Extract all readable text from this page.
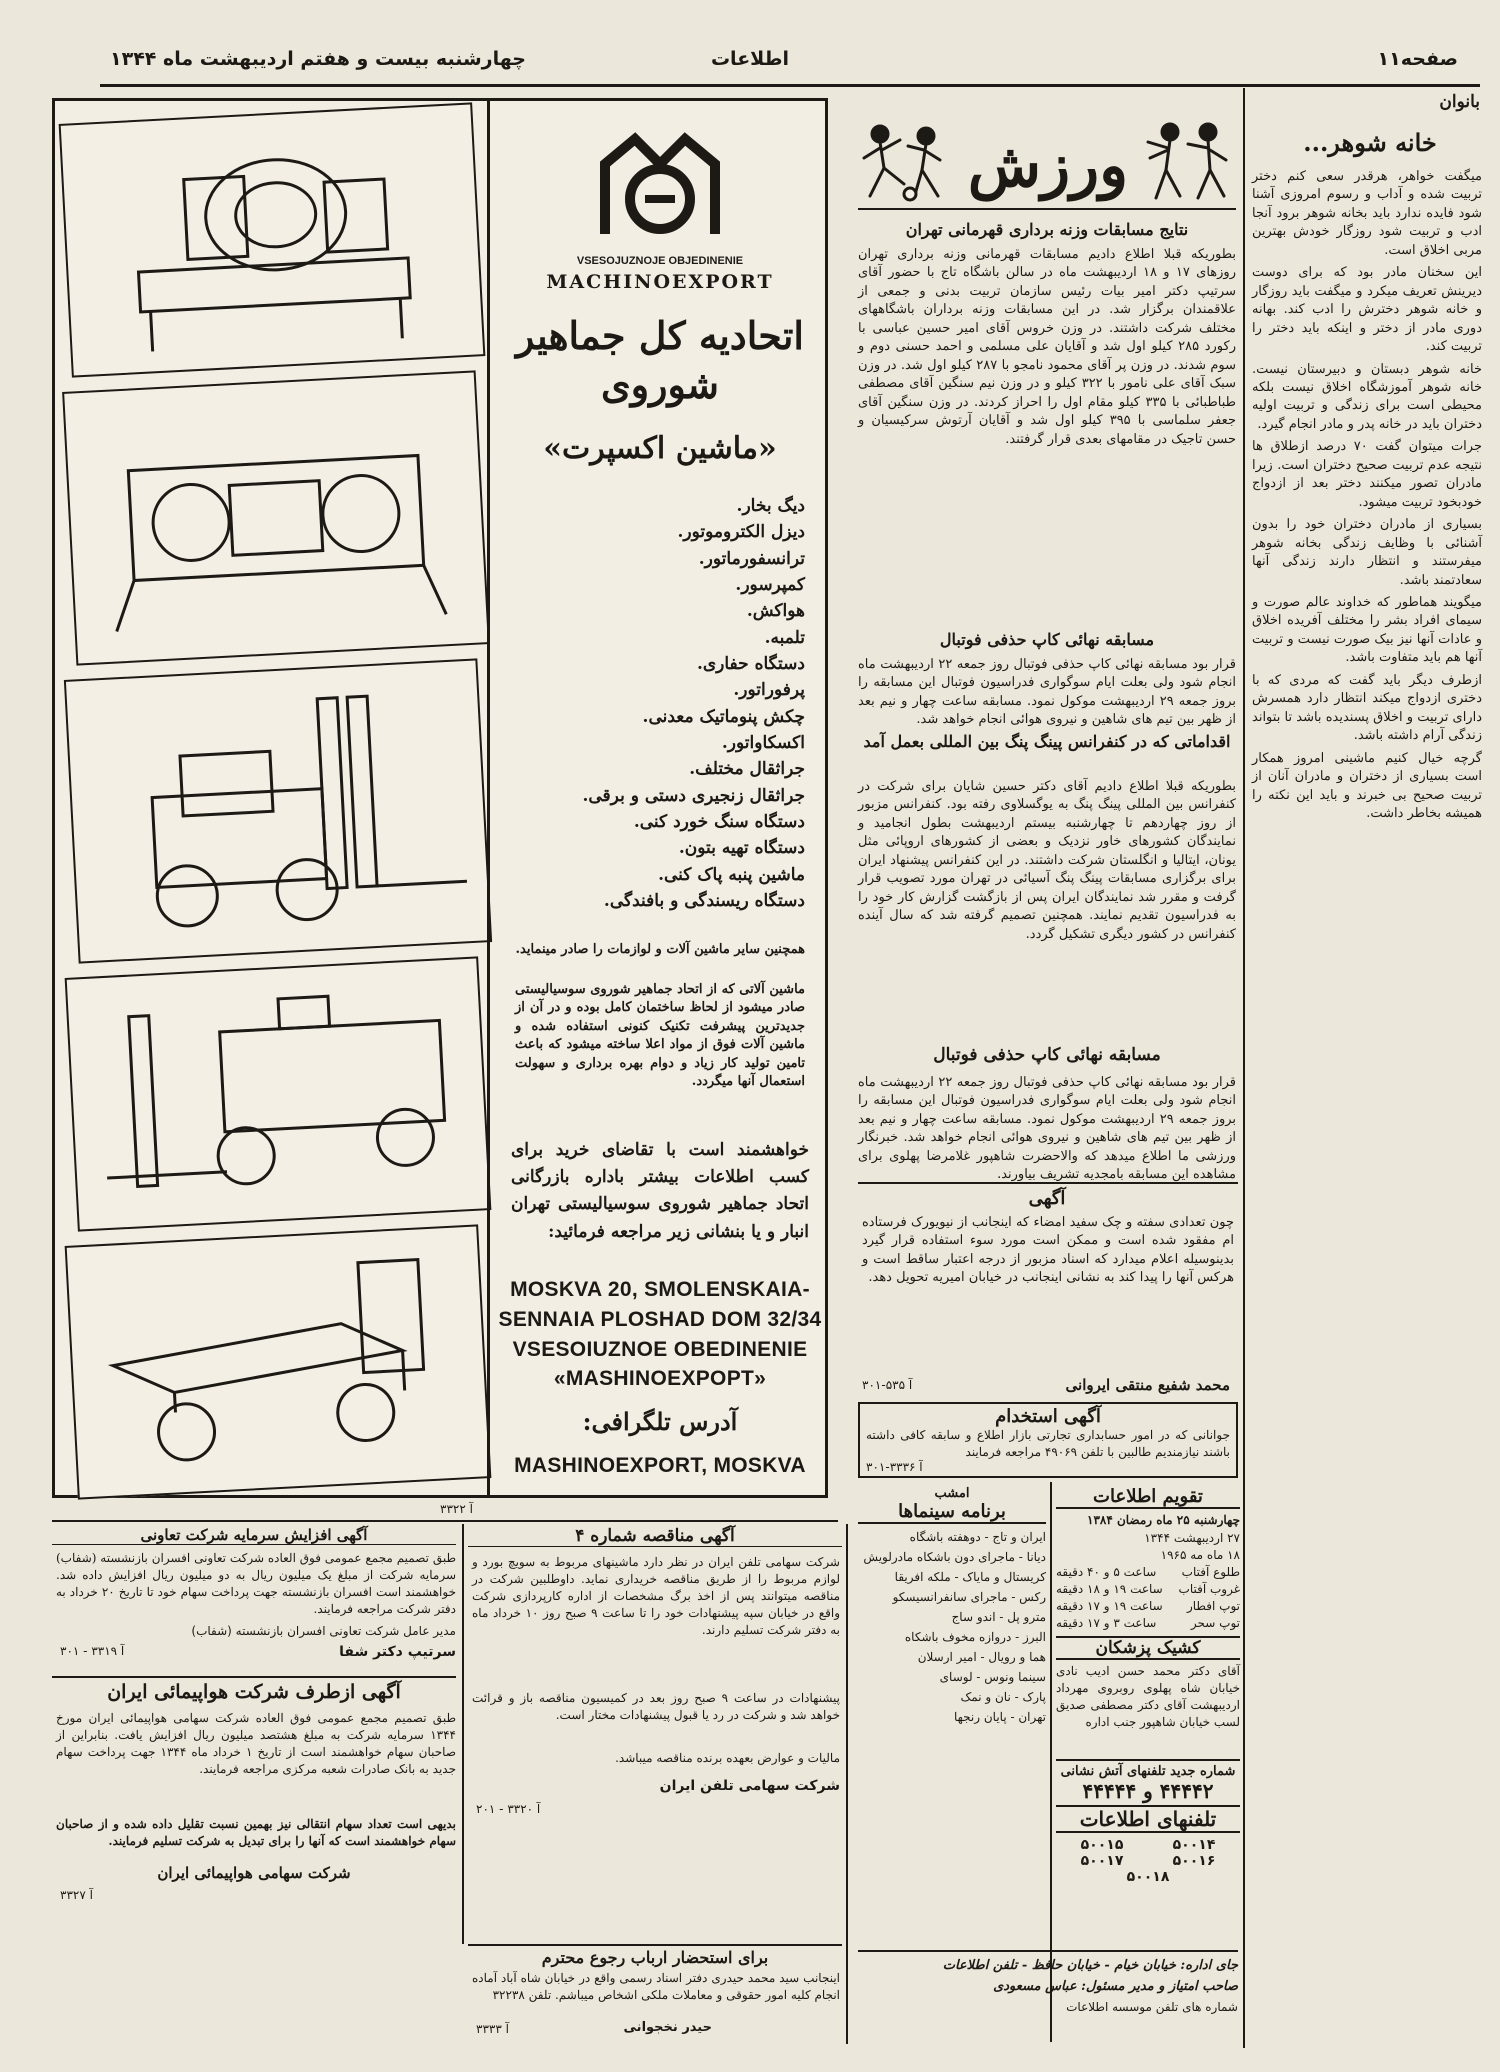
صفحه۱۱
اطلاعات
چهارشنبه بیست و هفتم اردیبهشت ماه ۱۳۴۴
بانوان
خانه شوهر...

میگفت خواهر، هرقدر سعی کنم دختر تربیت شده و آداب و رسوم امروزی آشنا شود فایده ندارد باید بخانه شوهر برود آنجا ادب و تربیت شود روزگار خودش بهترین مربی اخلاق است.

این سخنان مادر بود که برای دوست دیرینش تعریف میکرد و میگفت باید روزگار و خانه شوهر دخترش را ادب کند. بهانه دوری مادر از دختر و اینکه باید دختر را تربیت کند.

خانه شوهر دبستان و دبیرستان نیست. خانه شوهر آموزشگاه اخلاق نیست بلکه محیطی است برای زندگی و تربیت اولیه دختران باید در خانه پدر و مادر انجام گیرد.

جرات میتوان گفت ۷۰ درصد ازطلاق ها نتیجه عدم تربیت صحیح دختران است. زیرا مادران تصور میکنند دختر بعد از ازدواج خودبخود تربیت میشود.

بسیاری از مادران دختران خود را بدون آشنائی با وظایف زندگی بخانه شوهر میفرستند و انتظار دارند زندگی آنها سعادتمند باشد.

میگویند هماطور که خداوند عالم صورت و سیمای افراد بشر را مختلف آفریده اخلاق و عادات آنها نیز بیک صورت نیست و تربیت آنها هم باید متفاوت باشد.

ازطرف دیگر باید گفت که مردی که با دختری ازدواج میکند انتظار دارد همسرش دارای تربیت و اخلاق پسندیده باشد تا بتواند زندگی آرام داشته باشد.

گرچه خیال کنیم ماشینی امروز همکار است بسیاری از دختران و مادران آنان از تربیت صحیح بی خبرند و باید این نکته را همیشه بخاطر داشت.

ورزش
نتایج مسابقات وزنه برداری قهرمانی تهران
بطوریکه قبلا اطلاع دادیم مسابقات قهرمانی وزنه برداری تهران روزهای ۱۷ و ۱۸ اردیبهشت ماه در سالن باشگاه تاج با حضور آقای سرتیپ دکتر امیر بیات رئیس سازمان تربیت بدنی و جمعی از علاقمندان برگزار شد. در این مسابقات وزنه برداران باشگاههای مختلف شرکت داشتند. در وزن خروس آقای امیر حسین عباسی با رکورد ۲۸۵ کیلو اول شد و آقایان علی مسلمی و احمد حسنی دوم و سوم شدند. در وزن پر آقای محمود نامجو با ۲۸۷ کیلو اول شد. در وزن سبک آقای علی نامور با ۳۲۲ کیلو و در وزن نیم سنگین آقای مصطفی طباطبائی با ۳۳۵ کیلو مقام اول را احراز کردند. در وزن سنگین آقای جعفر سلماسی با ۳۹۵ کیلو اول شد و آقایان آرتوش سرکیسیان و حسن تاجیک در مقامهای بعدی قرار گرفتند.
مسابقه نهائی کاپ حذفی فوتبال
قرار بود مسابقه نهائی کاپ حذفی فوتبال روز جمعه ۲۲ اردیبهشت ماه انجام شود ولی بعلت ایام سوگواری فدراسیون فوتبال این مسابقه را بروز جمعه ۲۹ اردیبهشت موکول نمود. مسابقه ساعت چهار و نیم بعد از ظهر بین تیم های شاهین و نیروی هوائی انجام خواهد شد.
اقداماتی که در کنفرانس پینگ پنگ بین المللی بعمل آمد
بطوریکه قبلا اطلاع دادیم آقای دکتر حسین شایان برای شرکت در کنفرانس بین المللی پینگ پنگ به یوگسلاوی رفته بود. کنفرانس مزبور از روز چهاردهم تا چهارشنبه بیستم اردیبهشت بطول انجامید و نمایندگان کشورهای خاور نزدیک و بعضی از کشورهای اروپائی مثل یونان، ایتالیا و انگلستان شرکت داشتند. در این کنفرانس پیشنهاد ایران برای برگزاری مسابقات پینگ پنگ آسیائی در تهران مورد تصویب قرار گرفت و مقرر شد نمایندگان ایران پس از بازگشت گزارش کار خود را به فدراسیون تقدیم نمایند. همچنین تصمیم گرفته شد که سال آینده کنفرانس در کشور دیگری تشکیل گردد.
مسابقه نهائی کاپ حذفی فوتبال
قرار بود مسابقه نهائی کاپ حذفی فوتبال روز جمعه ۲۲ اردیبهشت ماه انجام شود ولی بعلت ایام سوگواری فدراسیون فوتبال این مسابقه را بروز جمعه ۲۹ اردیبهشت موکول نمود. مسابقه ساعت چهار و نیم بعد از ظهر بین تیم های شاهین و نیروی هوائی انجام خواهد شد. خبرنگار ورزشی ما اطلاع میدهد که والاحضرت شاهپور غلامرضا پهلوی برای مشاهده این مسابقه بامجدیه تشریف بیاورند.
آگهی
چون تعدادی سفته و چک سفید امضاء که اینجانب از نیویورک فرستاده ام مفقود شده است و ممکن است مورد سوء استفاده قرار گیرد بدینوسیله اعلام میدارد که اسناد مزبور از درجه اعتبار ساقط است و هرکس آنها را پیدا کند به نشانی اینجانب در خیابان امیریه تحویل دهد.
آ ۵۳۵-۳۰۱	محمد شفیع منتقی ایروانی
آگهی استخدام
جوانانی که در امور حسابداری تجارتی بازار اطلاع و سابقه کافی داشته باشند نیازمندیم طالبین با تلفن ۴۹۰۶۹ مراجعه فرمایند
آ ۳۳۳۶-۳۰۱
تقویم اطلاعات
چهارشنبه ۲۵ ماه رمضان ۱۳۸۴
۲۷ اردیبهشت ۱۳۴۴
۱۸ ماه مه ۱۹۶۵
طلوع آفتاب
ساعت ۵ و ۴۰ دقیقه
غروب آفتاب
ساعت ۱۹ و ۱۸ دقیقه
توپ افطار
ساعت ۱۹ و ۱۷ دقیقه
توپ سحر
ساعت ۳ و ۱۷ دقیقه
کشیک پزشکان
آقای دکتر محمد حسن ادیب نادی خیابان شاه پهلوی روبروی مهرداد اردیبهشت آقای دکتر مصطفی صدیق لسب خیابان شاهپور جنب اداره
شماره جدید تلفنهای آتش نشانی
۴۴۴۴۲ و ۴۴۴۴۴
تلفنهای اطلاعات
۵۰۰۱۴
۵۰۰۱۵
۵۰۰۱۶
۵۰۰۱۷
۵۰۰۱۸
امشب
برنامه سینماها
ایران و تاج - دوهفته باشگاه
دیانا - ماجرای دون باشکاه مادرلویش
کریستال و مایاک - ملکه افریقا
رکس - ماجرای سانفرانسیسکو
مترو پل - اندو ساج
البرز - دروازه مخوف باشکاه
هما و رویال - امیر ارسلان
سینما ونوس - لوسای
پارک - نان و نمک
تهران - پایان رنجها
جای اداره: خیابان خیام - خیابان حافظ - تلفن اطلاعات
صاحب امتیاز و مدیر مسئول: عباس مسعودی
شماره های تلفن موسسه اطلاعات
VSESOJUZNOJE OBJEDINENIE
MACHINOEXPORT
اتحادیه کل جماهیر شوروی
«ماشین اکسپرت»
دیگ بخار.
دیزل الکتروموتور.
ترانسفورماتور.
کمپرسور.
هواکش.
تلمبه.
دستگاه حفاری.
پرفوراتور.
چکش پنوماتیک معدنی.
اکسکاواتور.
جراثقال مختلف.
جراثقال زنجیری دستی و برقی.
دستگاه سنگ خورد کنی.
دستگاه تهیه بتون.
ماشین پنبه پاک کنی.
دستگاه ریسندگی و بافندگی.
همچنین سایر ماشین آلات و لوازمات را صادر مینماید.
ماشین آلاتی که از اتحاد جماهیر شوروی سوسیالیستی صادر میشود از لحاظ ساختمان کامل بوده و در آن از جدیدترین پیشرفت تکنیک کنونی استفاده شده و ماشین آلات فوق از مواد اعلا ساخته میشود که باعث تامین تولید کار زیاد و دوام بهره برداری و سهولت استعمال آنها میگردد.
خواهشمند است با تقاضای خرید برای کسب اطلاعات بیشتر باداره بازرگانی اتحاد جماهیر شوروی سوسیالیستی تهران انبار و یا بنشانی زیر مراجعه فرمائید:
MOSKVA 20, SMOLENSKAIA-
SENNAIA PLOSHAD DOM 32/34
VSESOIUZNOE OBEDINENIE
«MASHINOEXPOPT»
آدرس تلگرافی:
MASHINOEXPORT, MOSKVA
آ ۳۳۲۲
آگهی افزایش سرمایه شرکت تعاونی
طبق تصمیم مجمع عمومی فوق العاده شرکت تعاونی افسران بازنشسته (شفاب) سرمایه شرکت از مبلغ یک میلیون ریال به دو میلیون ریال افزایش داده شد. خواهشمند است افسران بازنشسته جهت پرداخت سهام خود تا تاریخ ۲۰ خرداد به دفتر شرکت مراجعه فرمایند.
مدیر عامل شرکت تعاونی افسران بازنشسته (شفاب)
آ ۳۳۱۹ - ۳۰۱	سرتیپ دکتر شفا
آگهی ازطرف شرکت هواپیمائی ایران
طبق تصمیم مجمع عمومی فوق العاده شرکت سهامی هواپیمائی ایران مورخ ۱۳۴۴ سرمایه شرکت به مبلغ هشتصد میلیون ریال افزایش یافت. بنابراین از صاحبان سهام خواهشمند است از تاریخ ۱ خرداد ماه ۱۳۴۴ جهت پرداخت سهام جدید به بانک صادرات شعبه مرکزی مراجعه فرمایند.
بدیهی است تعداد سهام انتقالی نیز بهمین نسبت تقلیل داده شده و از صاحبان سهام خواهشمند است که آنها را برای تبدیل به شرکت تسلیم فرمایند.
شرکت سهامی هواپیمائی ایران
آ ۳۳۲۷
آگهی مناقصه شماره ۴
شرکت سهامی تلفن ایران در نظر دارد ماشینهای مربوط به سویچ بورد و لوازم مربوط را از طریق مناقصه خریداری نماید. داوطلبین شرکت در مناقصه میتوانند پس از اخذ برگ مشخصات از اداره کارپردازی شرکت واقع در خیابان سپه پیشنهادات خود را تا ساعت ۹ صبح روز ۱۰ خرداد ماه به دفتر شرکت تسلیم دارند.
پیشنهادات در ساعت ۹ صبح روز بعد در کمیسیون مناقصه باز و قرائت خواهد شد و شرکت در رد یا قبول پیشنهادات مختار است.
مالیات و عوارض بعهده برنده مناقصه میباشد.
شرکت سهامی تلفن ایران
آ ۳۳۲۰ - ۲۰۱
برای استحضار ارباب رجوع محترم
اینجانب سید محمد حیدری دفتر اسناد رسمی واقع در خیابان شاه آباد آماده انجام کلیه امور حقوقی و معاملات ملکی اشخاص میباشم. تلفن ۳۲۲۳۸
حیدر نخجوانی
آ ۳۳۳۳
